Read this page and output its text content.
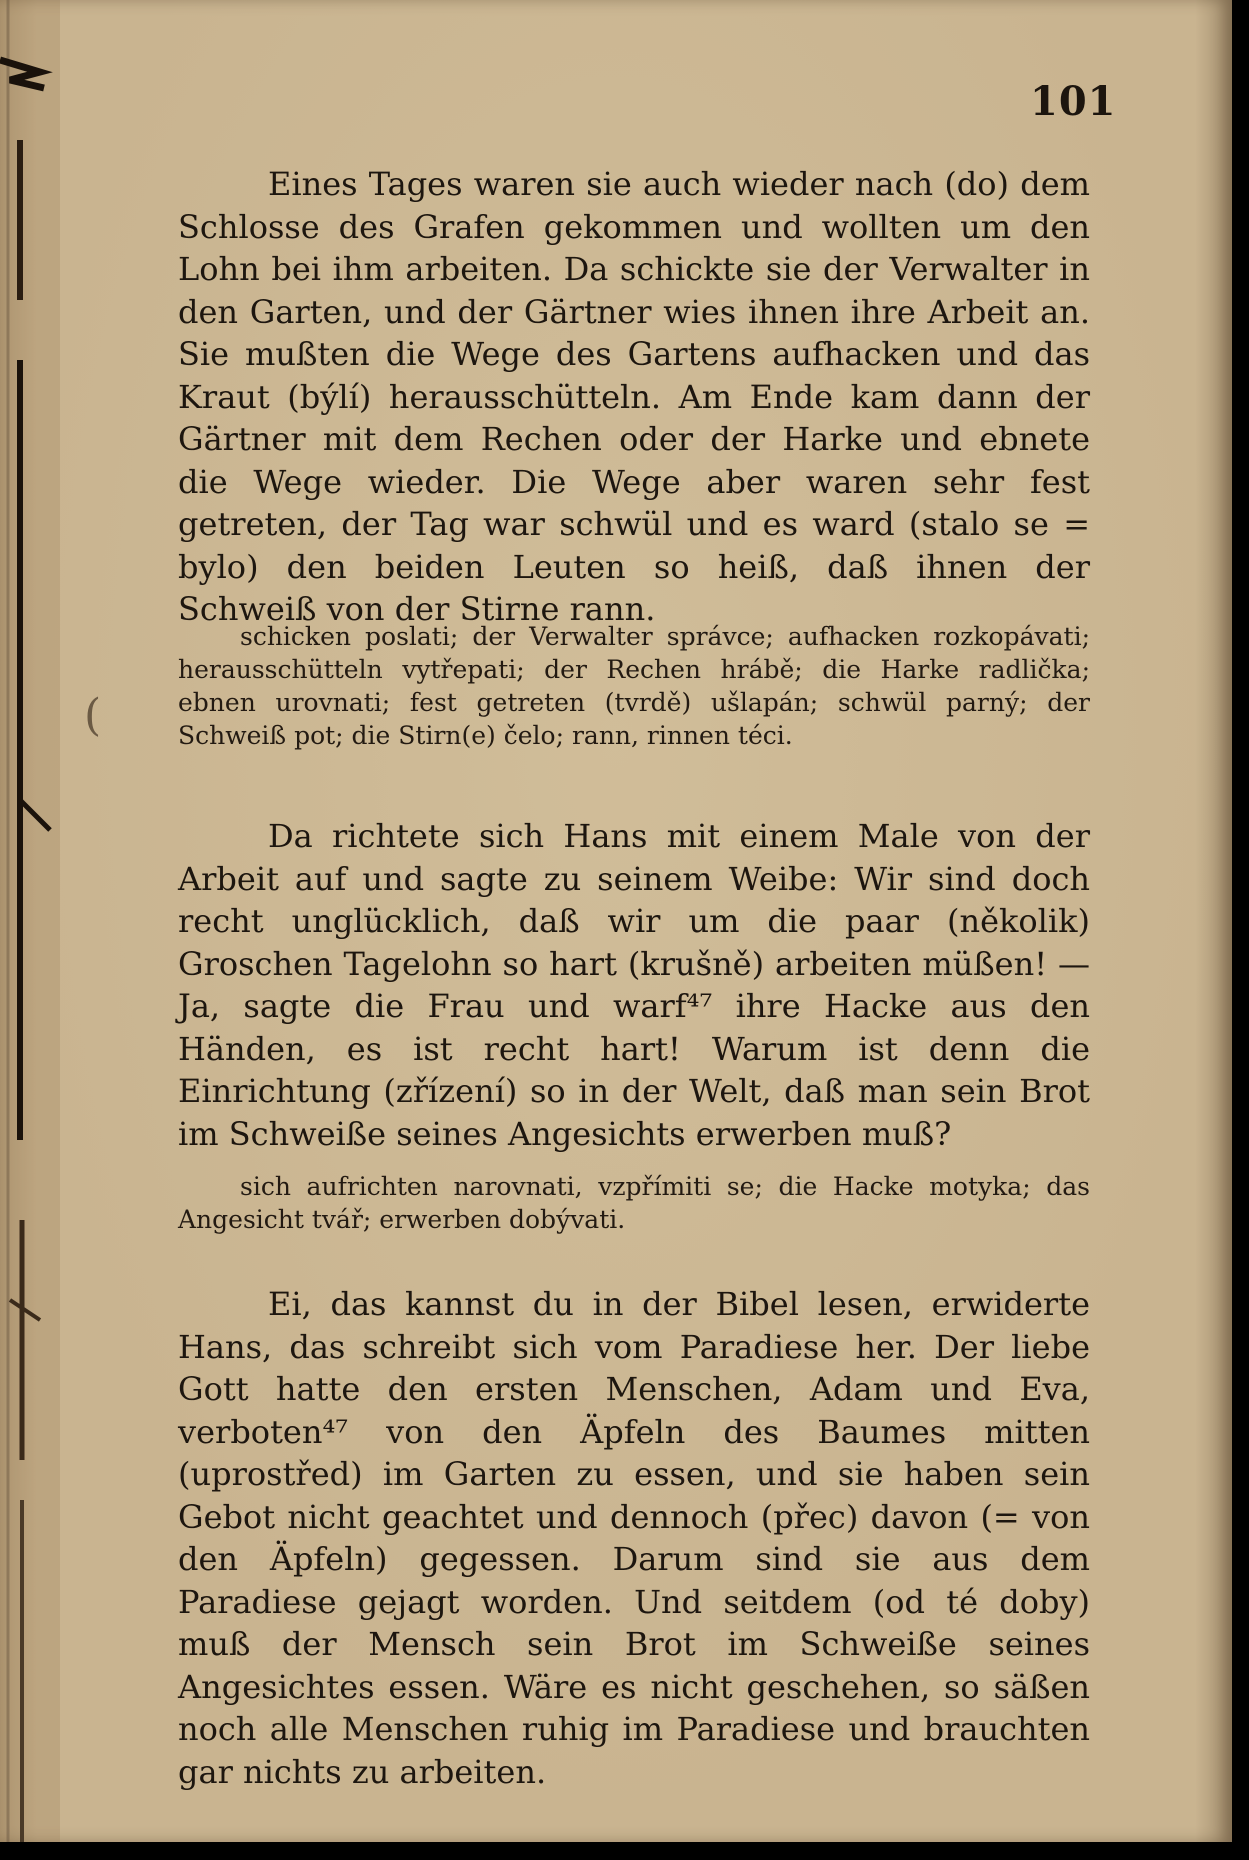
101
(

Eines Tages waren sie auch wieder nach (do) dem Schlosse des Grafen gekommen und wollten um den Lohn bei ihm arbeiten. Da schickte sie der Verwalter in den Garten, und der Gärtner wies ihnen ihre Arbeit an. Sie mußten die Wege des Gartens aufhacken und das Kraut (býlí) herausschütteln. Am Ende kam dann der Gärtner mit dem Rechen oder der Harke und ebnete die Wege wieder. Die Wege aber waren sehr fest getreten, der Tag war schwül und es ward (stalo se = bylo) den beiden Leuten so heiß, daß ihnen der Schweiß von der Stirne rann.

schicken poslati; der Verwalter správce; aufhacken rozkopávati; herausschütteln vytřepati; der Rechen hrábě; die Harke radlička; ebnen urovnati; fest getreten (tvrdě) ušlapán; schwül parný; der Schweiß pot; die Stirn(e) čelo; rann, rinnen téci.

Da richtete sich Hans mit einem Male von der Arbeit auf und sagte zu seinem Weibe: Wir sind doch recht unglücklich, daß wir um die paar (několik) Groschen Tagelohn so hart (krušně) arbeiten müßen! — Ja, sagte die Frau und warf⁴⁷ ihre Hacke aus den Händen, es ist recht hart! Warum ist denn die Einrichtung (zřízení) so in der Welt, daß man sein Brot im Schweiße seines Angesichts erwerben muß?

sich aufrichten narovnati, vzpřímiti se; die Hacke motyka; das Angesicht tvář; erwerben dobývati.

Ei, das kannst du in der Bibel lesen, erwiderte Hans, das schreibt sich vom Paradiese her. Der liebe Gott hatte den ersten Menschen, Adam und Eva, verboten⁴⁷ von den Äpfeln des Baumes mitten (uprostřed) im Garten zu essen, und sie haben sein Gebot nicht geachtet und dennoch (přec) davon (= von den Äpfeln) gegessen. Darum sind sie aus dem Paradiese gejagt worden. Und seitdem (od té doby) muß der Mensch sein Brot im Schweiße seines Angesichtes essen. Wäre es nicht geschehen, so säßen noch alle Menschen ruhig im Paradiese und brauchten gar nichts zu arbeiten.
